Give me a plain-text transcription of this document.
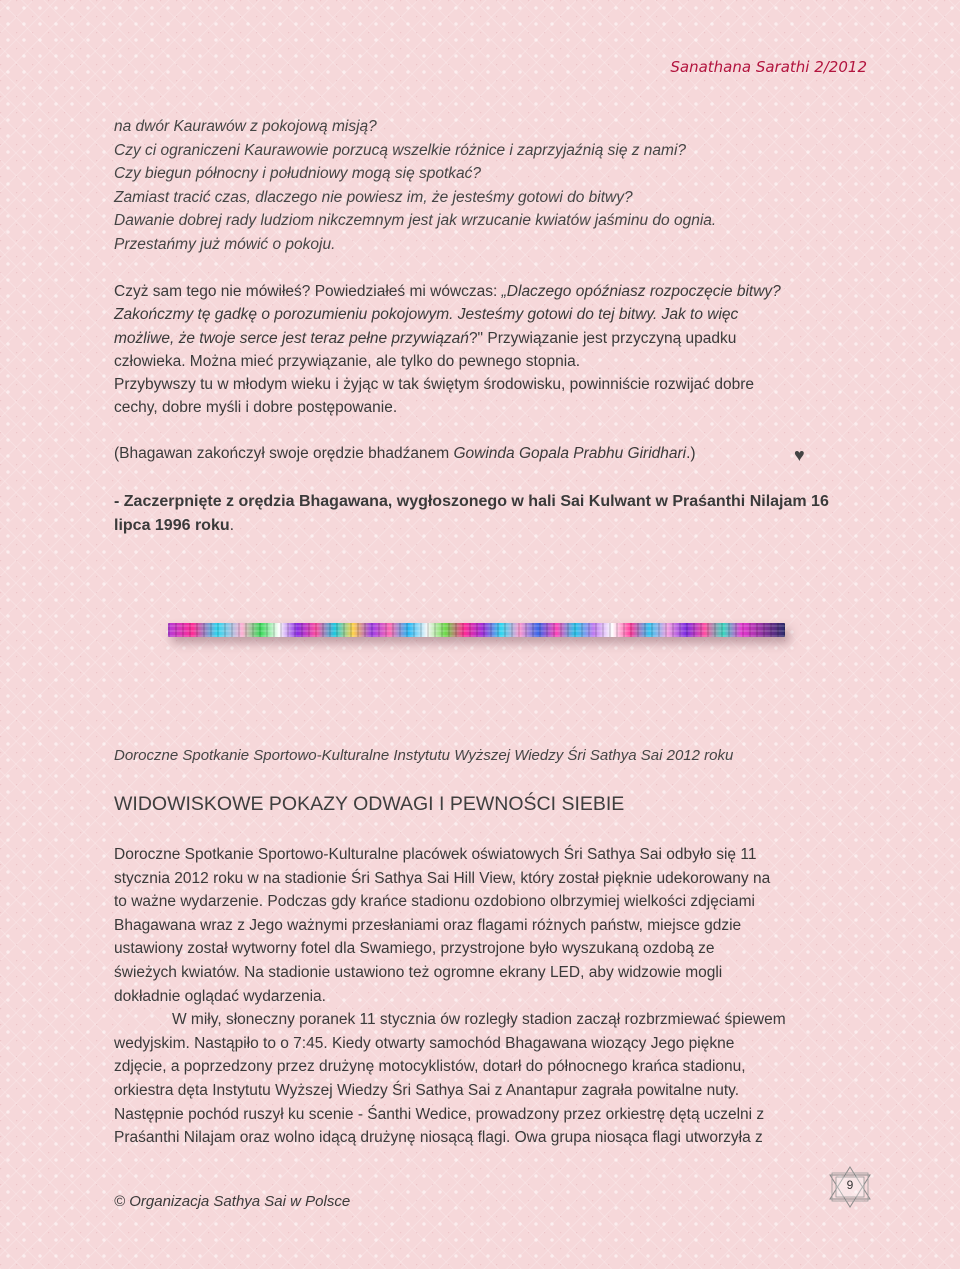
Sanathana Sarathi 2/2012
na dwór Kaurawów z pokojową misją?
Czy ci ograniczeni Kaurawowie porzucą wszelkie różnice i zaprzyjaźnią się z nami?
Czy biegun północny i południowy mogą się spotkać?
Zamiast tracić czas, dlaczego nie powiesz im, że jesteśmy gotowi do bitwy?
Dawanie dobrej rady ludziom nikczemnym jest jak wrzucanie kwiatów jaśminu do ognia.
Przestańmy już mówić o pokoju.
Czyż sam tego nie mówiłeś? Powiedziałeś mi wówczas: „Dlaczego opóźniasz rozpoczęcie bitwy?
Zakończmy tę gadkę o porozumieniu pokojowym. Jesteśmy gotowi do tej bitwy. Jak to więc
możliwe, że twoje serce jest teraz pełne przywiązań?" Przywiązanie jest przyczyną upadku
człowieka. Można mieć przywiązanie, ale tylko do pewnego stopnia.
Przybywszy tu w młodym wieku i żyjąc w tak świętym środowisku, powinniście rozwijać dobre
cechy, dobre myśli i dobre postępowanie.
(Bhagawan zakończył swoje orędzie bhadźanem Gowinda Gopala Prabhu Giridhari.)	♥
- Zaczerpnięte z orędzia Bhagawana, wygłoszonego w hali Sai Kulwant w Praśanthi Nilajam 16
lipca 1996 roku.
Doroczne Spotkanie Sportowo-Kulturalne Instytutu Wyższej Wiedzy Śri Sathya Sai 2012 roku
WIDOWISKOWE POKAZY ODWAGI I PEWNOŚCI SIEBIE
Doroczne Spotkanie Sportowo-Kulturalne placówek oświatowych Śri Sathya Sai odbyło się 11
stycznia 2012 roku w na stadionie Śri Sathya Sai Hill View, który został pięknie udekorowany na
to ważne wydarzenie. Podczas gdy krańce stadionu ozdobiono olbrzymiej wielkości zdjęciami
Bhagawana wraz z Jego ważnymi przesłaniami oraz flagami różnych państw, miejsce gdzie
ustawiony został wytworny fotel dla Swamiego, przystrojone było wyszukaną ozdobą ze
świeżych kwiatów. Na stadionie ustawiono też ogromne ekrany LED, aby widzowie mogli
dokładnie oglądać wydarzenia.
W miły, słoneczny poranek 11 stycznia ów rozległy stadion zaczął rozbrzmiewać śpiewem
wedyjskim. Nastąpiło to o 7:45. Kiedy otwarty samochód Bhagawana wiozący Jego piękne
zdjęcie, a poprzedzony przez drużynę motocyklistów, dotarł do północnego krańca stadionu,
orkiestra dęta Instytutu Wyższej Wiedzy Śri Sathya Sai z Anantapur zagrała powitalne nuty.
Następnie pochód ruszył ku scenie - Śanthi Wedice, prowadzony przez orkiestrę dętą uczelni z
Praśanthi Nilajam oraz wolno idącą drużynę niosącą flagi. Owa grupa niosąca flagi utworzyła z
© Organizacja Sathya Sai w Polsce
9
